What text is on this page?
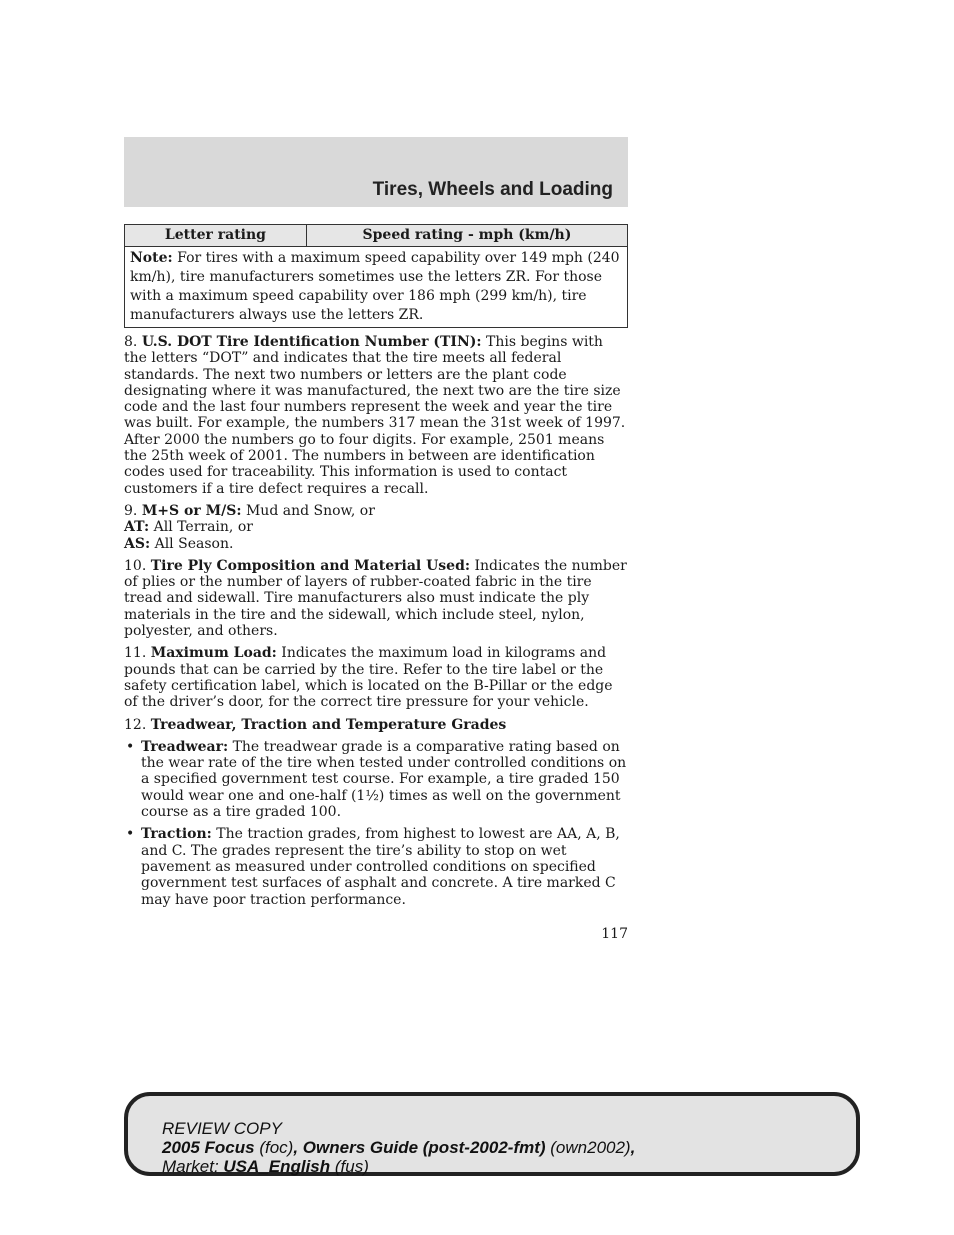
Tires, Wheels and Loading
Letter rating	Speed rating - mph (km/h)
Note: For tires with a maximum speed capability over 149 mph (240 km/h), tire manufacturers sometimes use the letters ZR. For those with a maximum speed capability over 186 mph (299 km/h), tire manufacturers always use the letters ZR.

8. U.S. DOT Tire Identification Number (TIN): This begins with the letters “DOT” and indicates that the tire meets all federal standards. The next two numbers or letters are the plant code designating where it was manufactured, the next two are the tire size code and the last four numbers represent the week and year the tire was built. For example, the numbers 317 mean the 31st week of 1997. After 2000 the numbers go to four digits. For example, 2501 means the 25th week of 2001. The numbers in between are identification codes used for traceability. This information is used to contact customers if a tire defect requires a recall.

9. M+S or M/S: Mud and Snow, or
AT: All Terrain, or
AS: All Season.

10. Tire Ply Composition and Material Used: Indicates the number of plies or the number of layers of rubber-coated fabric in the tire tread and sidewall. Tire manufacturers also must indicate the ply materials in the tire and the sidewall, which include steel, nylon, polyester, and others.

11. Maximum Load: Indicates the maximum load in kilograms and pounds that can be carried by the tire. Refer to the tire label or the safety certification label, which is located on the B-Pillar or the edge of the driver’s door, for the correct tire pressure for your vehicle.

12. Treadwear, Traction and Temperature Grades

• Treadwear: The treadwear grade is a comparative rating based on the wear rate of the tire when tested under controlled conditions on a specified government test course. For example, a tire graded 150 would wear one and one-half (1½) times as well on the government course as a tire graded 100.
• Traction: The traction grades, from highest to lowest are AA, A, B, and C. The grades represent the tire’s ability to stop on wet pavement as measured under controlled conditions on specified government test surfaces of asphalt and concrete. A tire marked C may have poor traction performance.
117
REVIEW COPY
2005 Focus (foc), Owners Guide (post-2002-fmt) (own2002),
Market: USA_English (fus)
